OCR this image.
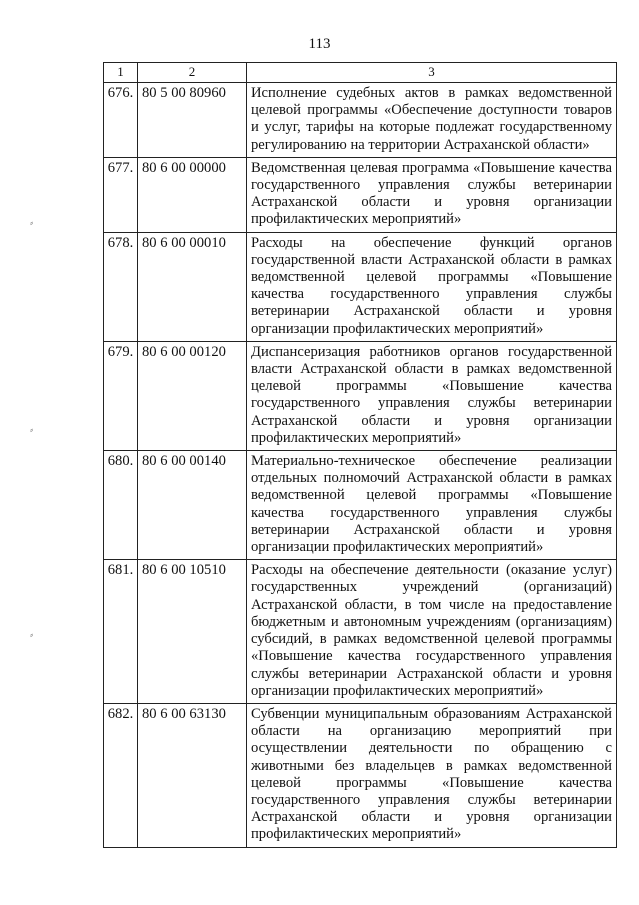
113
⸗
⸗
⸗
1	2	3
676.	80 5 00 80960	Исполнение судебных актов в рамках ведомственной целевой программы «Обеспечение доступности товаров и услуг, тарифы на которые подлежат государственному регулированию на территории Астраханской области»
677.	80 6 00 00000	Ведомственная целевая программа «Повышение качества государственного управления службы ветеринарии Астраханской области и уровня организации профилактических мероприятий»
678.	80 6 00 00010	Расходы на обеспечение функций органов государственной власти Астраханской области в рамках ведомственной целевой программы «Повышение качества государственного управления службы ветеринарии Астраханской области и уровня организации профилактических мероприятий»
679.	80 6 00 00120	Диспансеризация работников органов государственной власти Астраханской области в рамках ведомственной целевой программы «Повышение качества государственного управления службы ветеринарии Астраханской области и уровня организации профилактических мероприятий»
680.	80 6 00 00140	Материально-техническое обеспечение реализации отдельных полномочий Астраханской области в рамках ведомственной целевой программы «Повышение качества государственного управления службы ветеринарии Астраханской области и уровня организации профилактических мероприятий»
681.	80 6 00 10510	Расходы на обеспечение деятельности (оказание услуг) государственных учреждений (организаций) Астраханской области, в том числе на предоставление бюджетным и автономным учреждениям (организациям) субсидий, в рамках ведомственной целевой программы «Повышение качества государственного управления службы ветеринарии Астраханской области и уровня организации профилактических мероприятий»
682.	80 6 00 63130	Субвенции муниципальным образованиям Астраханской области на организацию мероприятий при осуществлении деятельности по обращению с животными без владельцев в рамках ведомственной целевой программы «Повышение качества государственного управления службы ветеринарии Астраханской области и уровня организации профилактических мероприятий»
